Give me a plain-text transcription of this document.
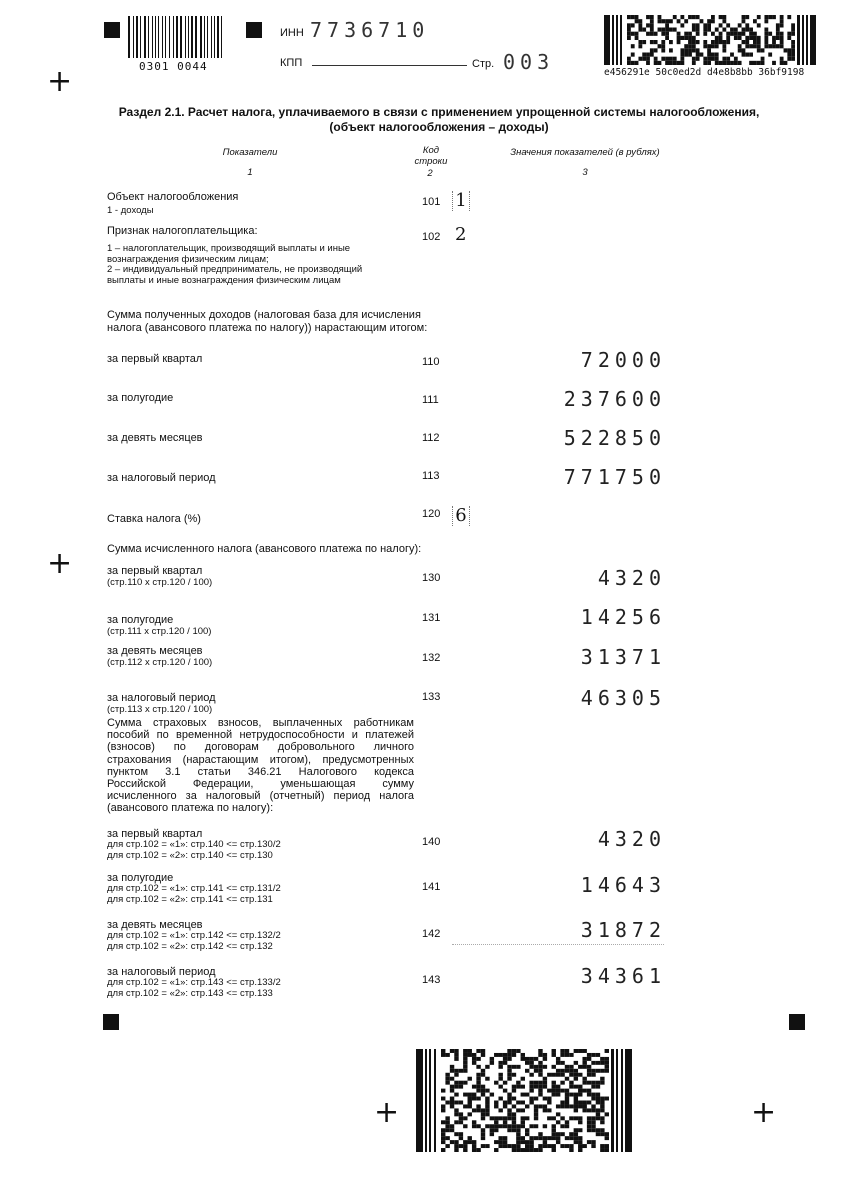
+
+
+	+
0301 0044
ИНН 7736710
КПП	Стр. 003	e456291e 50c0ed2d d4e8b8bb 36bf9198
Раздел 2.1. Расчет налога, уплачиваемого в связи с применением упрощенной системы налогообложения,
(объект налогообложения – доходы)
Показатели	Код
строки
Значения показателей (в рублях)
1	2	3
Объект налогообложения
1 - доходы
101 1
Признак налогоплательщика:
1 – налогоплательщик, производящий выплаты и иные
вознаграждения физическим лицам;
2 – индивидуальный предприниматель, не производящий
выплаты и иные вознаграждения физическим лицам
102 2
Сумма полученных доходов (налоговая база для исчисления
налога (авансового платежа по налогу)) нарастающим итогом:
за первый квартал	110	72000
за полугодие	111	237600
за девять месяцев	112	522850
за налоговый период	113	771750
Ставка налога (%)	120 6
Сумма исчисленного налога (авансового платежа по налогу):
за первый квартал
(стр.110 х стр.120 / 100)	130	4320
за полугодие
(стр.111 х стр.120 / 100)
131	14256
за девять месяцев
(стр.112 х стр.120 / 100)	132	31371
за налоговый период
(стр.113 х стр.120 / 100)
133	46305
Сумма страховых взносов, выплаченных работникам
пособий по временной нетрудоспособности и платежей
(взносов) по договорам добровольного личного
страхования (нарастающим итогом), предусмотренных
пунктом 3.1 статьи 346.21 Налогового кодекса
Российской Федерации, уменьшающая сумму
исчисленного за налоговый (отчетный) период налога
(авансового платежа по налогу):
за первый квартал
для стр.102 = «1»: стр.140 <= стр.130/2
для стр.102 = «2»: стр.140 <= стр.130
140	4320
за полугодие
для стр.102 = «1»: стр.141 <= стр.131/2
для стр.102 = «2»: стр.141 <= стр.131
141	14643
за девять месяцев
для стр.102 = «1»: стр.142 <= стр.132/2
для стр.102 = «2»: стр.142 <= стр.132
142	31872
за налоговый период
для стр.102 = «1»: стр.143 <= стр.133/2
для стр.102 = «2»: стр.143 <= стр.133
143	34361
